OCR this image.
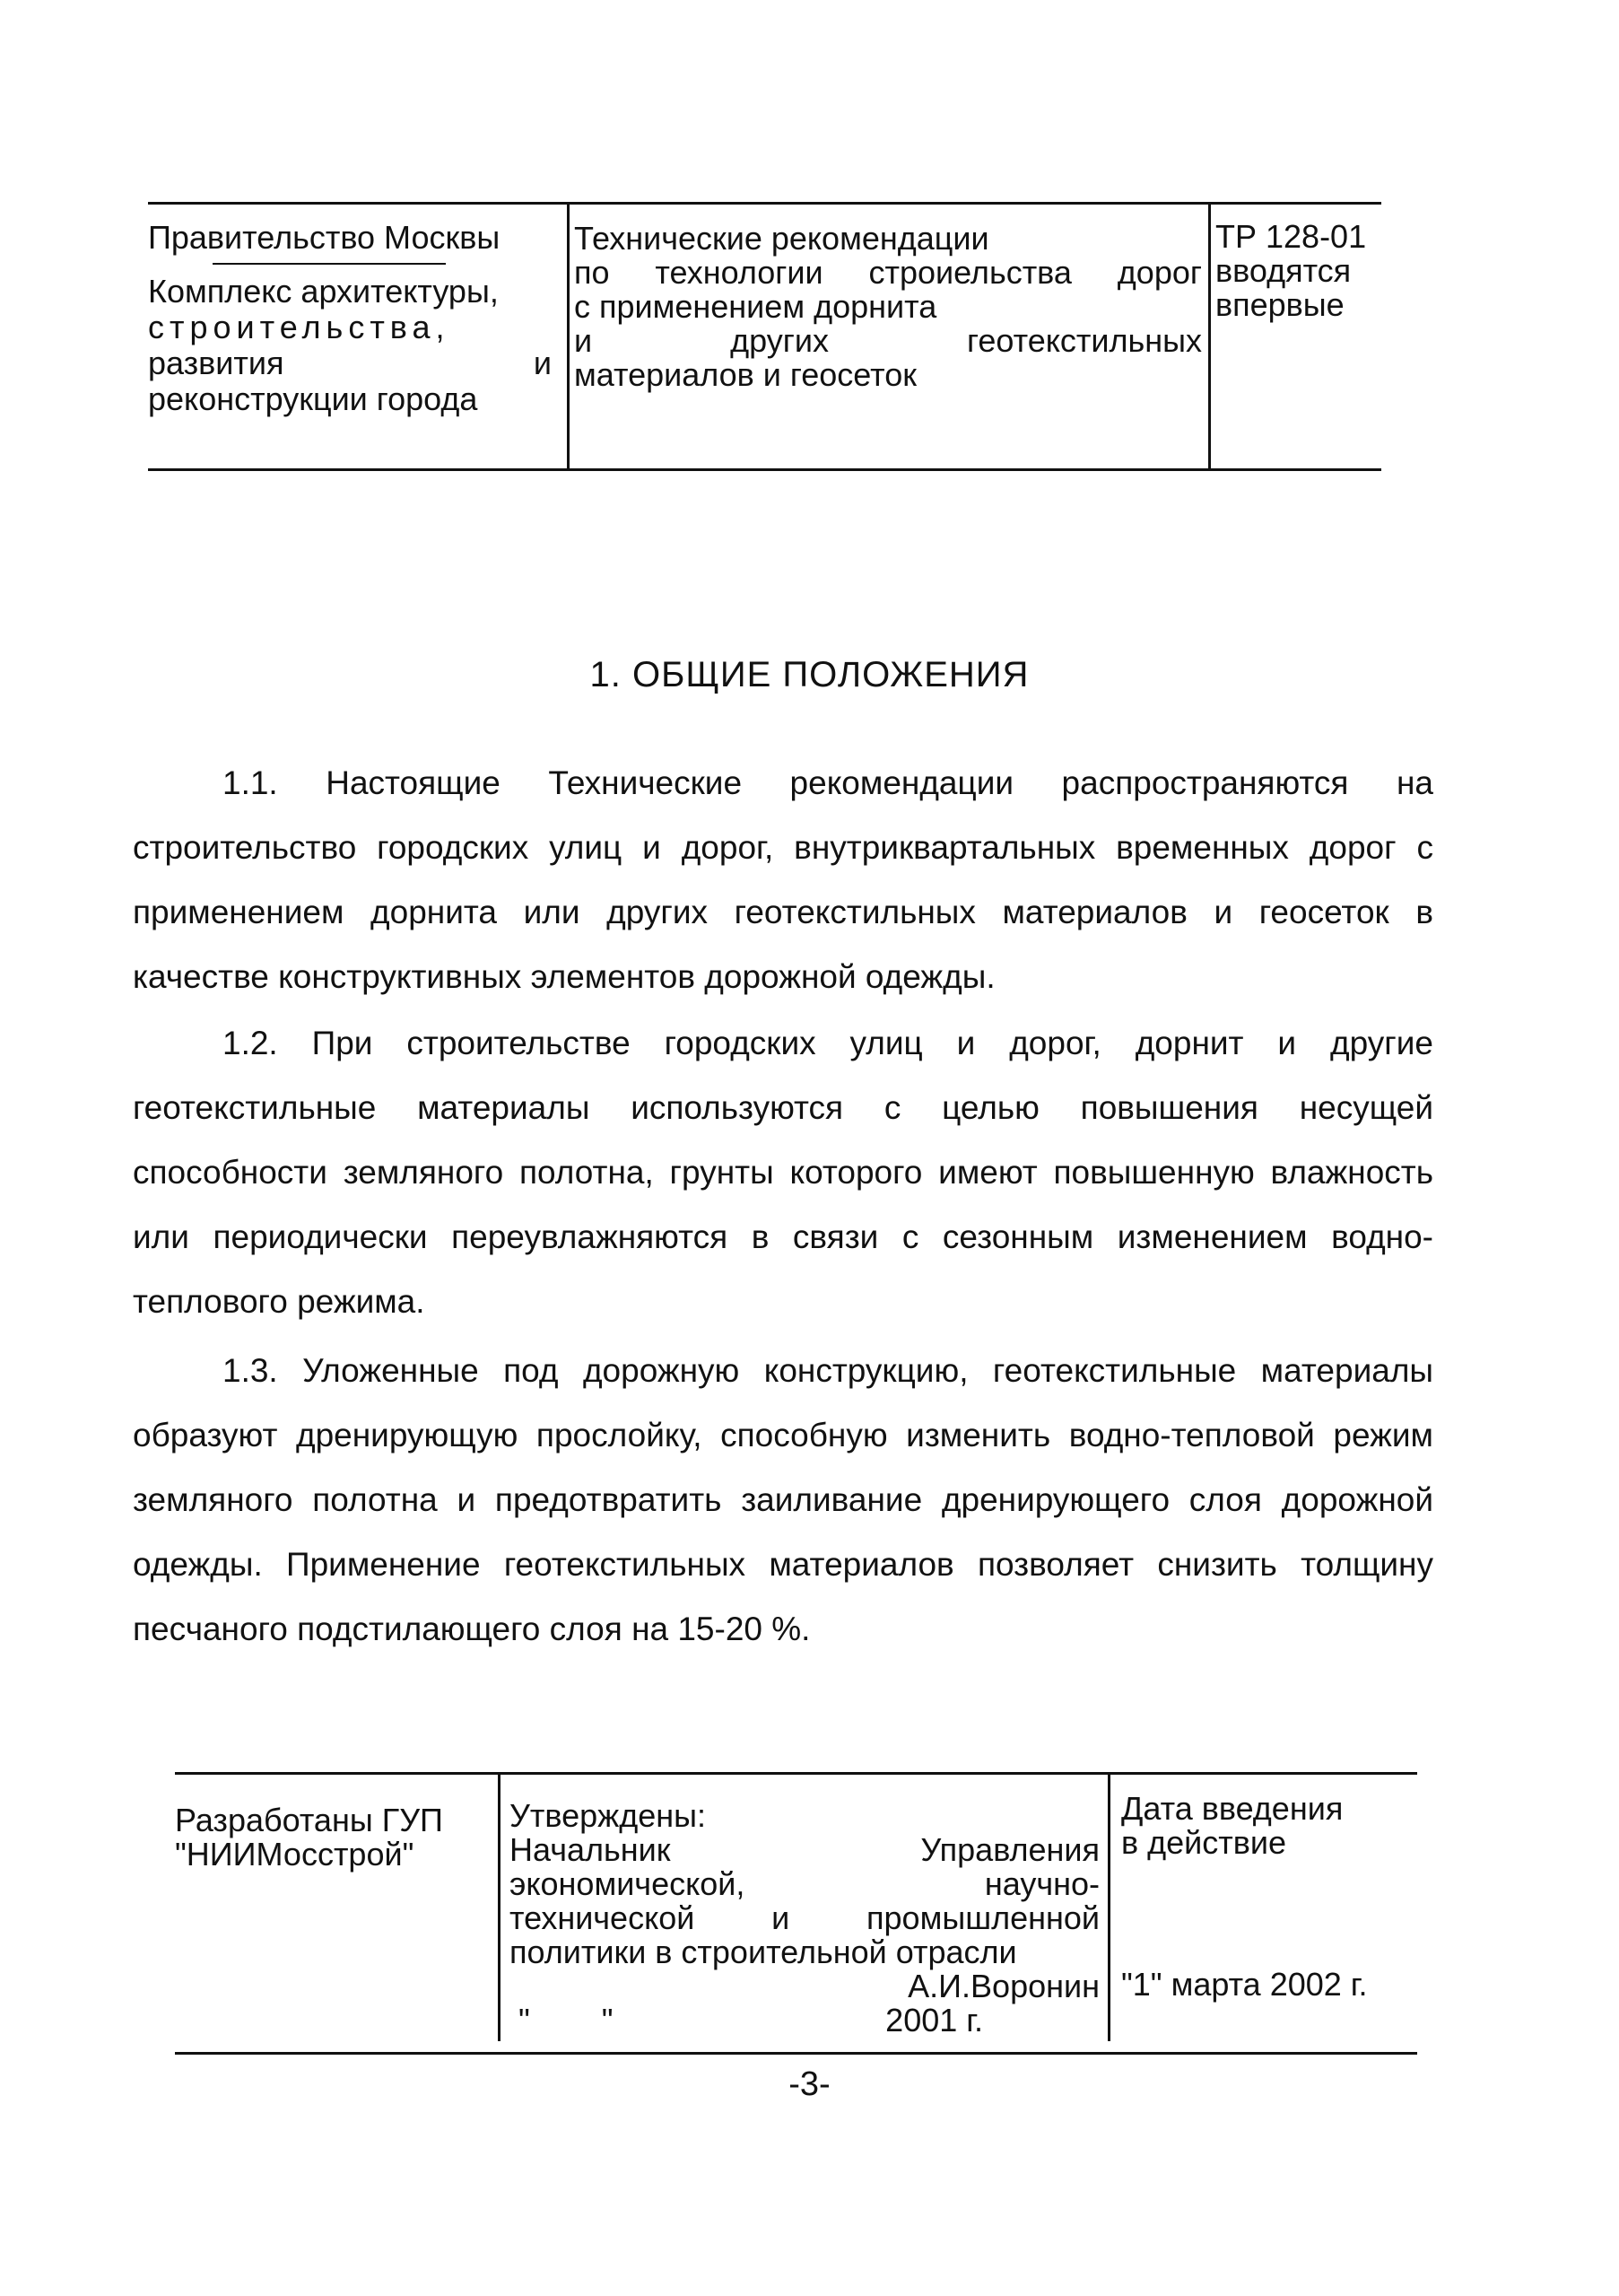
Правительство Москвы
Комплекс архитектуры,
строительства,
развития и
реконструкции города
Технические рекомендации
по технологии строиельства дорог
с применением дорнита
и других геотекстильных
материалов и геосеток
ТР 128-01
вводятся
впервые
1. ОБЩИЕ ПОЛОЖЕНИЯ

1.1. Настоящие Технические рекомендации распространяются на строительство городских улиц и дорог, внутриквартальных временных дорог с применением дорнита или других геотекстильных материалов и геосеток в качестве конструктивных элементов дорожной одежды.

1.2. При строительстве городских улиц и дорог, дорнит и другие геотекстильные материалы используются с целью повышения несущей способности земляного полотна, грунты которого имеют повышенную влажность или периодически переувлажняются в связи с сезонным изменением водно-теплового режима.

1.3. Уложенные под дорожную конструкцию, геотекстильные материалы образуют дренирующую прослойку, способную изменить водно-тепловой режим земляного полотна и предотвратить заиливание дренирующего слоя дорожной одежды. Применение геотекстильных материалов позволяет снизить толщину песчаного подстилающего слоя на 15-20 %.

Разработаны ГУП
"НИИМосстрой"
Утверждены:
Начальник Управления
экономической, научно-
технической и промышленной
политики в строительной отрасли
А.И.Воронин
" "	2001 г.
Дата введения
в действие
"1" марта 2002 г.
-3-
